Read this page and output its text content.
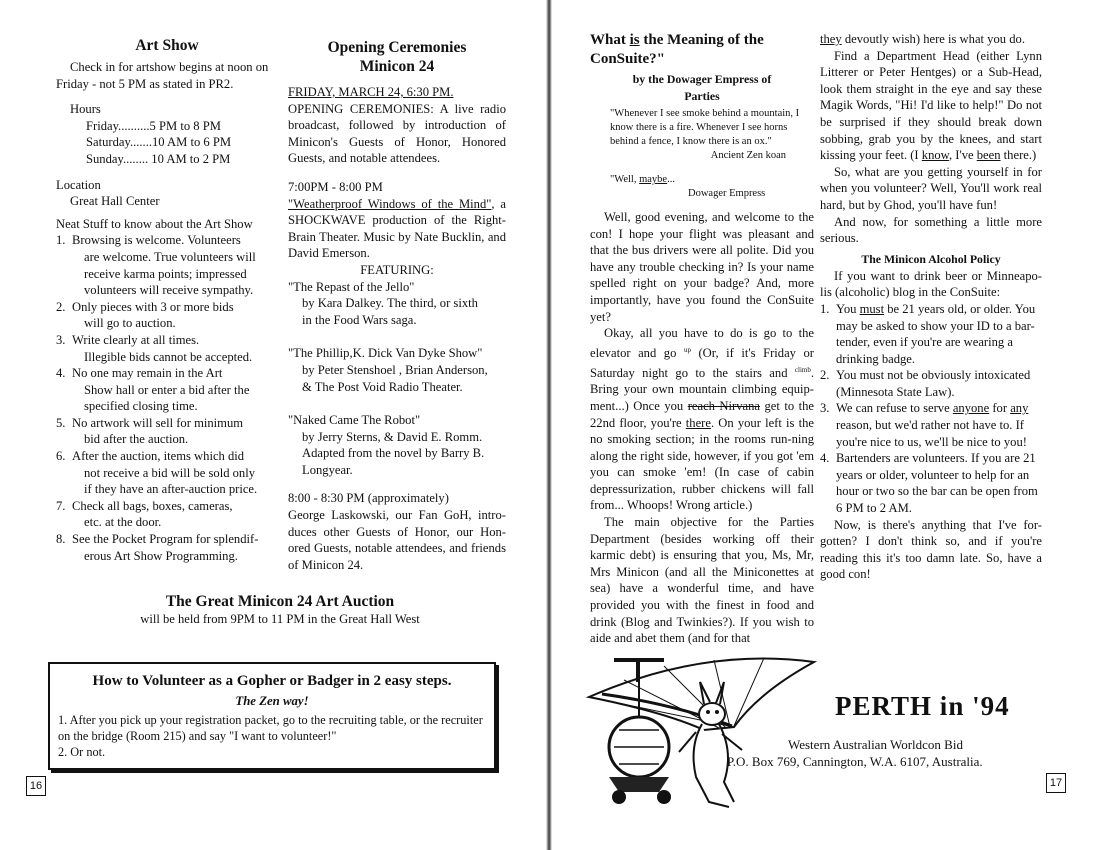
Art Show

Check in for artshow begins at noon on

Friday - not 5 PM as stated in PR2.

Hours

Friday..........5 PM to 8 PM

Saturday.......10 AM to 6 PM

Sunday........ 10 AM to 2 PM

Location

Great Hall Center

Neat Stuff to know about the Art Show

1. Browsing is welcome. Volunteers
are welcome. True volunteers will
receive karma points; impressed
volunteers will receive sympathy.
2. Only pieces with 3 or more bids
will go to auction.
3. Write clearly at all times.
Illegible bids cannot be accepted.
4. No one may remain in the Art
Show hall or enter a bid after the
specified closing time.
5. No artwork will sell for minimum
bid after the auction.
6. After the auction, items which did
not receive a bid will be sold only
if they have an after-auction price.
7. Check all bags, boxes, cameras,
etc. at the door.
8. See the Pocket Program for splendif-
erous Art Show Programming.
Opening Ceremonies
Minicon 24

FRIDAY, MARCH 24, 6:30 PM.

OPENING CEREMONIES: A live radio broadcast, followed by introduction of Minicon's Guests of Honor, Honored Guests, and notable attendees.

7:00PM - 8:00 PM

"Weatherproof Windows of the Mind", a SHOCKWAVE production of the Right-Brain Theater. Music by Nate Bucklin, and David Emerson.

FEATURING:

"The Repast of the Jello"

by Kara Dalkey. The third, or sixth

in the Food Wars saga.

"The Phillip,K. Dick Van Dyke Show"

by Peter Stenshoel , Brian Anderson,

& The Post Void Radio Theater.

"Naked Came The Robot"

by Jerry Sterns, & David E. Romm.

Adapted from the novel by Barry B.

Longyear.

8:00 - 8:30 PM (approximately)

George Laskowski, our Fan GoH, intro-duces other Guests of Honor, our Hon-ored Guests, notable attendees, and friends of Minicon 24.

The Great Minicon 24 Art Auction

will be held from 9PM to 11 PM in the Great Hall West

How to Volunteer as a Gopher or Badger in 2 easy steps.
The Zen way!

1. After you pick up your registration packet, go to the recruiting table, or the recruiter on the bridge (Room 215) and say "I want to volunteer!"

2. Or not.

16
What is the Meaning of the
ConSuite?"
by the Dowager Empress of
Parties

"Whenever I see smoke behind a mountain, I know there is a fire. Whenever I see horns behind a fence, I know there is an ox."

Ancient Zen koan

"Well, maybe...

Dowager Empress

Well, good evening, and welcome to the con! I hope your flight was pleasant and that the bus drivers were all polite. Did you have any trouble checking in? Is your name spelled right on your badge? And, more importantly, have you found the ConSuite yet?

Okay, all you have to do is go to the elevator and go $^{up}$ (Or, if it's Friday or Saturday night go to the stairs and $^{climb}$. Bring your own mountain climbing equip-ment...) Once you reach Nirvana get to the 22nd floor, you're there. On your left is the no smoking section; in the rooms run-ning along the right side, however, if you got 'em you can smoke 'em! (In case of cabin depressurization, rubber chickens will fall from... Whoops! Wrong article.)

The main objective for the Parties Department (besides working off their karmic debt) is ensuring that you, Ms, Mr, Mrs Minicon (and all the Miniconettes at sea) have a wonderful time, and have provided you with the finest in food and drink (Blog and Twinkies?). If you wish to aide and abet them (and for that

they devoutly wish) here is what you do.

Find a Department Head (either Lynn Litterer or Peter Hentges) or a Sub-Head, look them straight in the eye and say these Magik Words, "Hi! I'd like to help!" Do not be surprised if they should break down sobbing, grab you by the knees, and start kissing your feet. (I know, I've been there.)

So, what are you getting yourself in for when you volunteer? Well, You'll work real hard, but by Ghod, you'll have fun!

And now, for something a little more serious.

The Minicon Alcohol Policy

If you want to drink beer or Minneapo-lis (alcoholic) blog in the ConSuite:

1. You must be 21 years old, or older. You may be asked to show your ID to a bar-tender, even if you're are wearing a drinking badge.
2. You must not be obviously intoxicated (Minnesota State Law).
3. We can refuse to serve anyone for any reason, but we'd rather not have to. If you're nice to us, we'll be nice to you!
4. Bartenders are volunteers. If you are 21 years or older, volunteer to help for an hour or two so the bar can be open from 6 PM to 2 AM.

Now, is there's anything that I've for-gotten? I don't think so, and if you're reading this it's too damn late. So, have a good con!

PERTH in '94
Western Australian Worldcon Bid
P.O. Box 769, Cannington, W.A. 6107, Australia.
17
